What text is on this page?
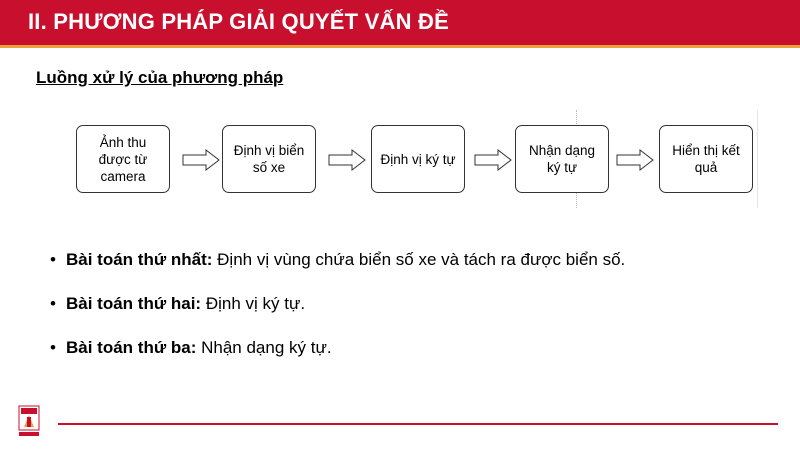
II. PHƯƠNG PHÁP GIẢI QUYẾT VẤN ĐỀ
Luồng xử lý của phương pháp
Ảnh thu được từ camera
Định vị biển số xe
Định vị ký tự
Nhận dạng ký tự
Hiển thị kết quả
• Bài toán thứ nhất: Định vị vùng chứa biển số xe và tách ra được biển số.
• Bài toán thứ hai: Định vị ký tự.
• Bài toán thứ ba: Nhận dạng ký tự.
